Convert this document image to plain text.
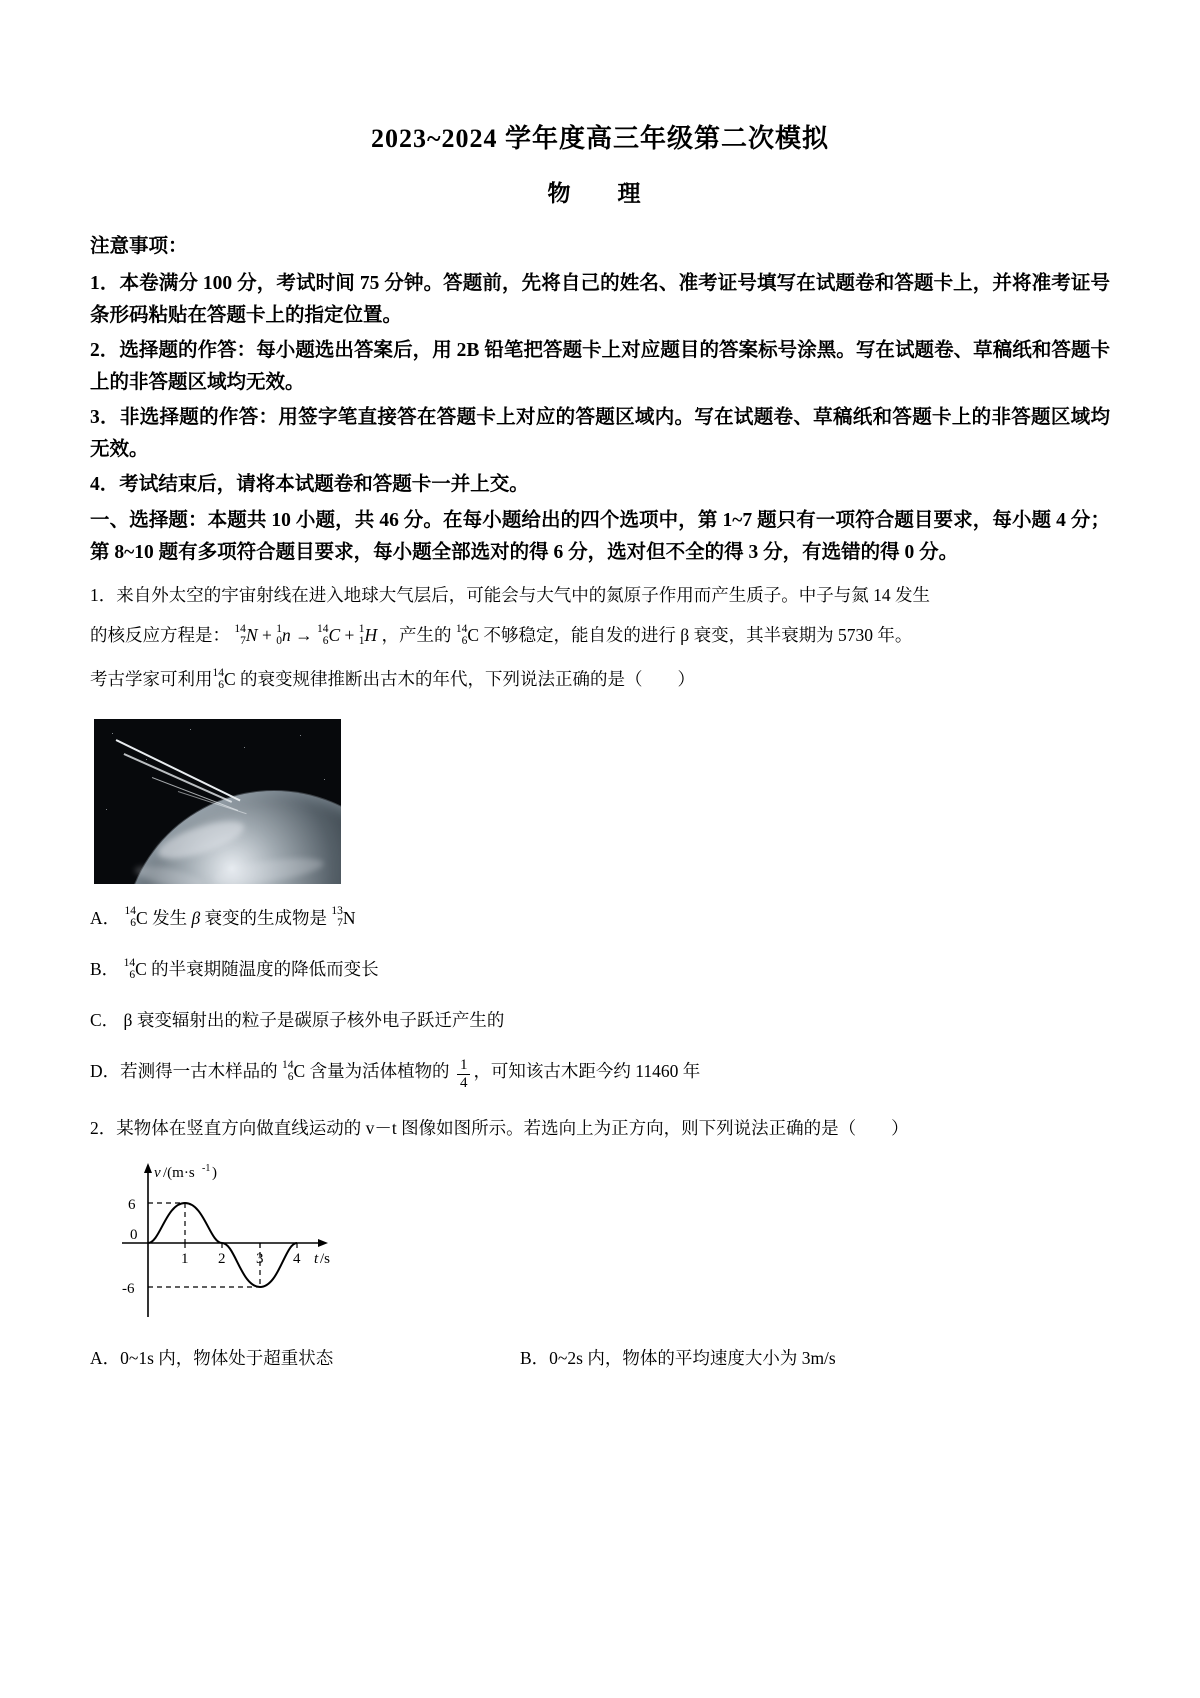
2023~2024 学年度高三年级第二次模拟
物　理
注意事项：

1．本卷满分 100 分，考试时间 75 分钟。答题前，先将自己的姓名、准考证号填写在试题卷和答题卡上，并将准考证号条形码粘贴在答题卡上的指定位置。

2．选择题的作答：每小题选出答案后，用 2B 铅笔把答题卡上对应题目的答案标号涂黑。写在试题卷、草稿纸和答题卡上的非答题区域均无效。

3．非选择题的作答：用签字笔直接答在答题卡上对应的答题区域内。写在试题卷、草稿纸和答题卡上的非答题区域均无效。

4．考试结束后，请将本试题卷和答题卡一并上交。

一、选择题：本题共 10 小题，共 46 分。在每小题给出的四个选项中，第 1~7 题只有一项符合题目要求，每小题 4 分；第 8~10 题有多项符合题目要求，每小题全部选对的得 6 分，选对但不全的得 3 分，有选错的得 0 分。

1．来自外太空的宇宙射线在进入地球大气层后，可能会与大气中的氮原子作用而产生质子。中子与氮 14 发生

的核反应方程是： 14
7 N + 1
0 n → 14
6 C + 1
1 H ，产生的 14
6 C 不够稳定，能自发的进行 β 衰变，其半衰期为 5730 年。

考古学家可利用 14
6 C 的衰变规律推断出古木的年代，下列说法正确的是（　　）

A． 14
6 C 发生 β 衰变的生成物是 13
7 N

B． 14
6 C 的半衰期随温度的降低而变长

C． β 衰变辐射出的粒子是碳原子核外电子跃迁产生的

D．若测得一古木样品的 14
6 C 含量为活体植物的 $\frac{1}{4}$ ，可知该古木距今约 11460 年

2．某物体在竖直方向做直线运动的 v－t 图像如图所示。若选向上为正方向，则下列说法正确的是（　　）

6
0
-6
1 2 3 4
v /(m·s -1 )
t /s
A．0~1s 内，物体处于超重状态	B．0~2s 内，物体的平均速度大小为 3m/s
